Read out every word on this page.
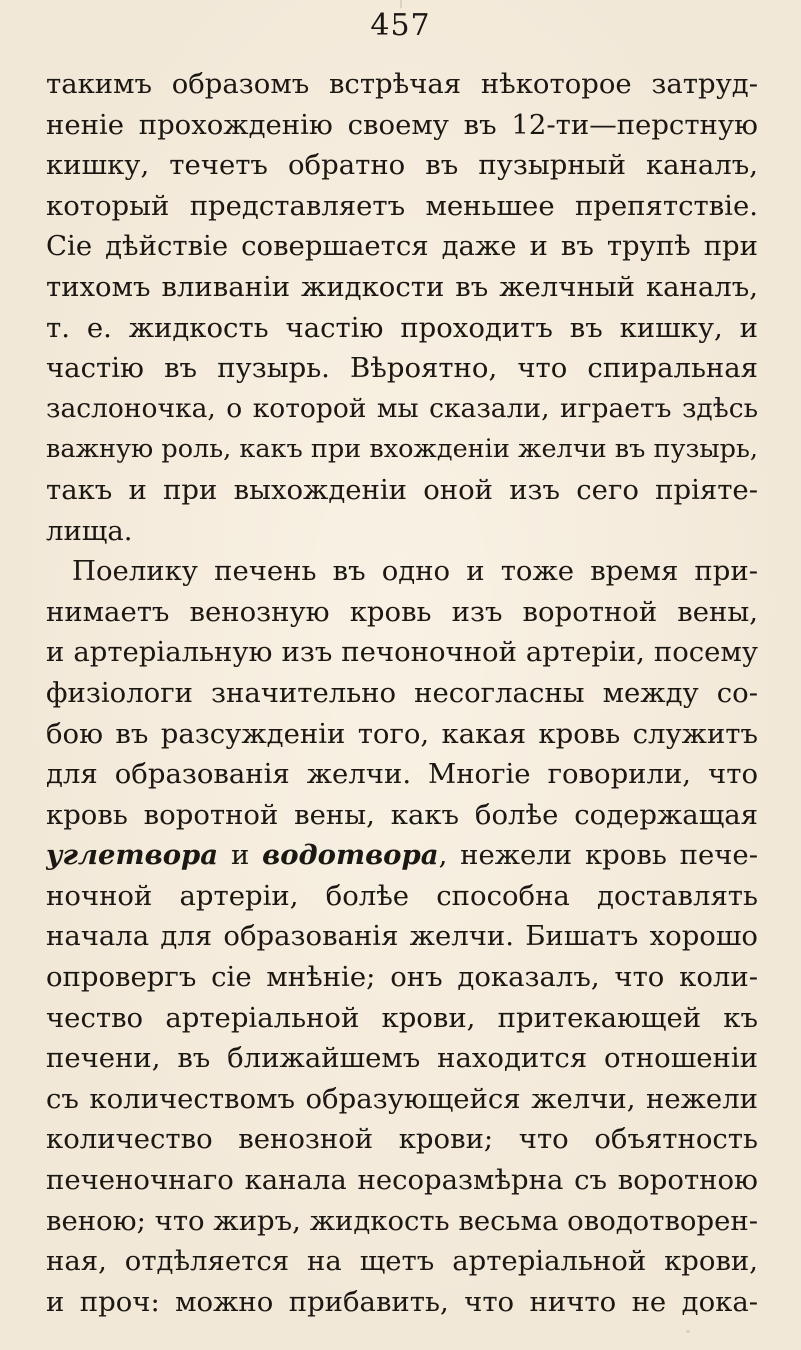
457
такимъ образомъ встрѣчая нѣкоторое затруд-
неніе прохожденію своему въ 12-ти—перстную
кишку, течетъ обратно въ пузырный каналъ,
который представляетъ меньшее препятствіе.
Сіе дѣйствіе совершается даже и въ трупѣ при
тихомъ вливаніи жидкости въ желчный каналъ,
т. е. жидкость частію проходитъ въ кишку, и
частію въ пузырь. Вѣроятно, что спиральная
заслоночка, о которой мы сказали, играетъ здѣсь
важную роль, какъ при вхожденіи желчи въ пузырь,
такъ и при выхожденіи оной изъ сего пріяте-
лища.
Поелику печень въ одно и тоже время при-
нимаетъ венозную кровь изъ воротной вены,
и артеріальную изъ печоночной артеріи, посему
физіологи значительно несогласны между со-
бою въ разсужденіи того, какая кровь служитъ
для образованія желчи. Многіе говорили, что
кровь воротной вены, какъ болѣе содержащая
углетвора и водотвора, нежели кровь пече-
ночной артеріи, болѣе способна доставлять
начала для образованія желчи. Бишатъ хорошо
опровергъ сіе мнѣніе; онъ доказалъ, что коли-
чество артеріальной крови, притекающей къ
печени, въ ближайшемъ находится отношеніи
съ количествомъ образующейся желчи, нежели
количество венозной крови; что объятность
печеночнаго канала несоразмѣрна съ воротною
веною; что жиръ, жидкость весьма оводотворен-
ная, отдѣляется на щетъ артеріальной крови,
и проч: можно прибавить, что ничто не дока-
